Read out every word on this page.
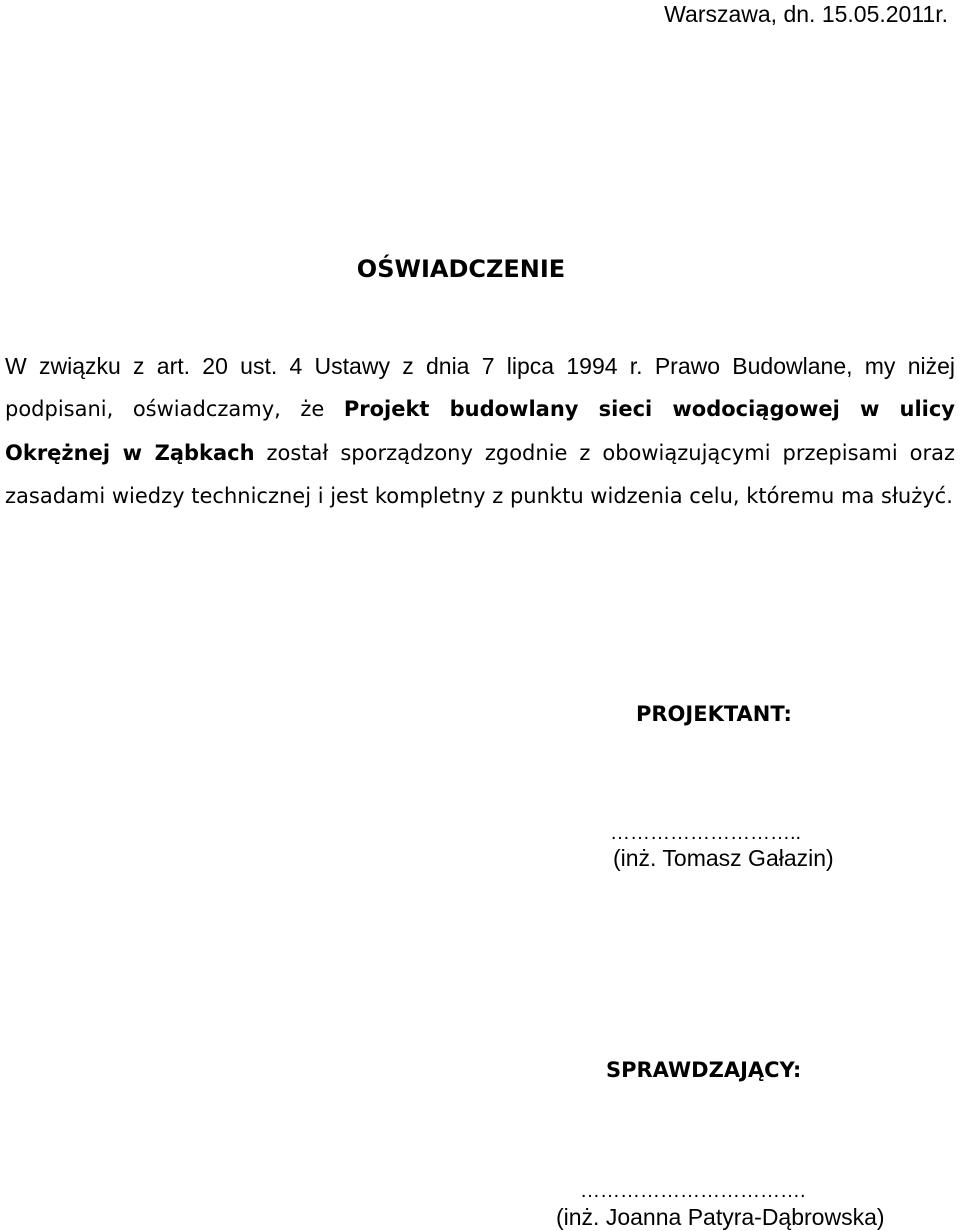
Warszawa, dn. 15.05.2011r.
OŚWIADCZENIE
W związku z art. 20 ust. 4 Ustawy z dnia 7 lipca 1994 r. Prawo Budowlane, my niżej
podpisani, oświadczamy, że Projekt budowlany sieci wodociągowej w ulicy
Okrężnej w Ząbkach został sporządzony zgodnie z obowiązującymi przepisami oraz
zasadami wiedzy technicznej i jest kompletny z punktu widzenia celu, któremu ma służyć.
PROJEKTANT:
………………………..
(inż. Tomasz Gałazin)
SPRAWDZAJĄCY:
…………………………….
(inż. Joanna Patyra-Dąbrowska)
